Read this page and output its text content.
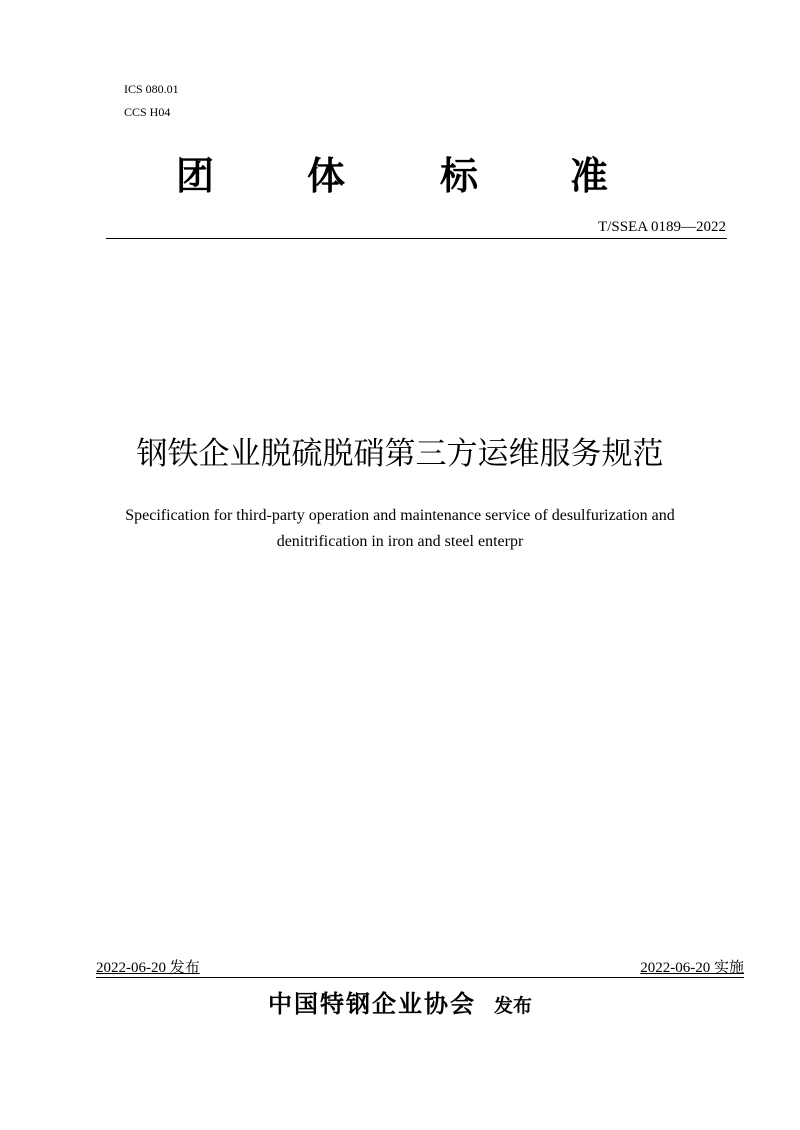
ICS 080.01
CCS H04
团 体 标 准
T/SSEA 0189—2022
钢铁企业脱硫脱硝第三方运维服务规范
Specification for third-party operation and maintenance service of desulfurization and
denitrification in iron and steel enterpr
2022-06-20 发布	2022-06-20 实施
中国特钢企业协会 发布
